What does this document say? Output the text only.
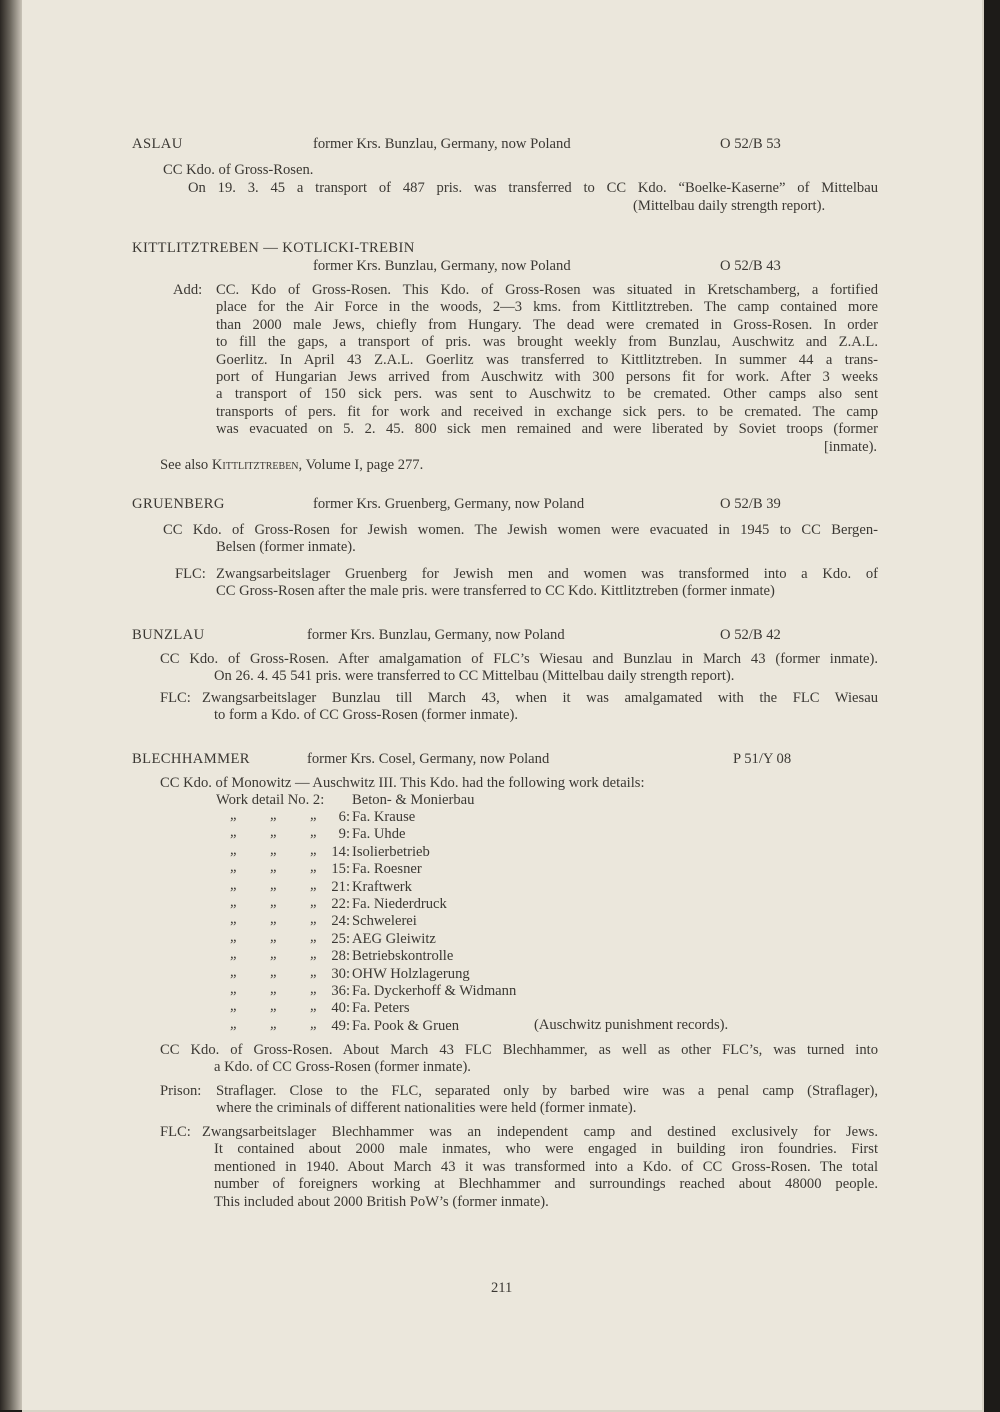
ASLAU	former Krs. Bunzlau, Germany, now Poland	O 52/B 53
CC Kdo. of Gross-Rosen.
On 19. 3. 45 a transport of 487 pris. was transferred to CC Kdo. “Boelke-Kaserne” of Mittelbau
(Mittelbau daily strength report).
KITTLITZTREBEN — KOTLICKI-TREBIN
former Krs. Bunzlau, Germany, now Poland	O 52/B 43
Add: CC. Kdo of Gross-Rosen. This Kdo. of Gross-Rosen was situated in Kretschamberg, a fortified
place for the Air Force in the woods, 2—3 kms. from Kittlitztreben. The camp contained more
than 2000 male Jews, chiefly from Hungary. The dead were cremated in Gross-Rosen. In order
to fill the gaps, a transport of pris. was brought weekly from Bunzlau, Auschwitz and Z.A.L.
Goerlitz. In April 43 Z.A.L. Goerlitz was transferred to Kittlitztreben. In summer 44 a trans-
port of Hungarian Jews arrived from Auschwitz with 300 persons fit for work. After 3 weeks
a transport of 150 sick pers. was sent to Auschwitz to be cremated. Other camps also sent
transports of pers. fit for work and received in exchange sick pers. to be cremated. The camp
was evacuated on 5. 2. 45. 800 sick men remained and were liberated by Soviet troops (former
[inmate).
See also Kittlitztreben, Volume I, page 277.
GRUENBERG	former Krs. Gruenberg, Germany, now Poland	O 52/B 39
CC Kdo. of Gross-Rosen for Jewish women. The Jewish women were evacuated in 1945 to CC Bergen-
Belsen (former inmate).
FLC: Zwangsarbeitslager Gruenberg for Jewish men and women was transformed into a Kdo. of
CC Gross-Rosen after the male pris. were transferred to CC Kdo. Kittlitztreben (former inmate)
BUNZLAU	former Krs. Bunzlau, Germany, now Poland	O 52/B 42
CC Kdo. of Gross-Rosen. After amalgamation of FLC’s Wiesau and Bunzlau in March 43 (former inmate).
On 26. 4. 45 541 pris. were transferred to CC Mittelbau (Mittelbau daily strength report).
FLC: Zwangsarbeitslager Bunzlau till March 43, when it was amalgamated with the FLC Wiesau
to form a Kdo. of CC Gross-Rosen (former inmate).
BLECHHAMMER	former Krs. Cosel, Germany, now Poland	P 51/Y 08
CC Kdo. of Monowitz — Auschwitz III. This Kdo. had the following work details:
Work detail No. 2: Beton- & Monierbau
„ „ „	6: Fa. Krause
„ „ „	9: Fa. Uhde
„ „ „	14: Isolierbetrieb
„ „ „	15: Fa. Roesner
„ „ „	21: Kraftwerk
„ „ „	22: Fa. Niederdruck
„ „ „	24: Schwelerei
„ „ „	25: AEG Gleiwitz
„ „ „	28: Betriebskontrolle
„ „ „	30: OHW Holzlagerung
„ „ „	36: Fa. Dyckerhoff & Widmann
„ „ „	40: Fa. Peters
„ „ „	49: Fa. Pook & Gruen	(Auschwitz punishment records).
CC Kdo. of Gross-Rosen. About March 43 FLC Blechhammer, as well as other FLC’s, was turned into
a Kdo. of CC Gross-Rosen (former inmate).
Prison: Straflager. Close to the FLC, separated only by barbed wire was a penal camp (Straflager),
where the criminals of different nationalities were held (former inmate).
FLC: Zwangsarbeitslager Blechhammer was an independent camp and destined exclusively for Jews.
It contained about 2000 male inmates, who were engaged in building iron foundries. First
mentioned in 1940. About March 43 it was transformed into a Kdo. of CC Gross-Rosen. The total
number of foreigners working at Blechhammer and surroundings reached about 48000 people.
This included about 2000 British PoW’s (former inmate).
211
